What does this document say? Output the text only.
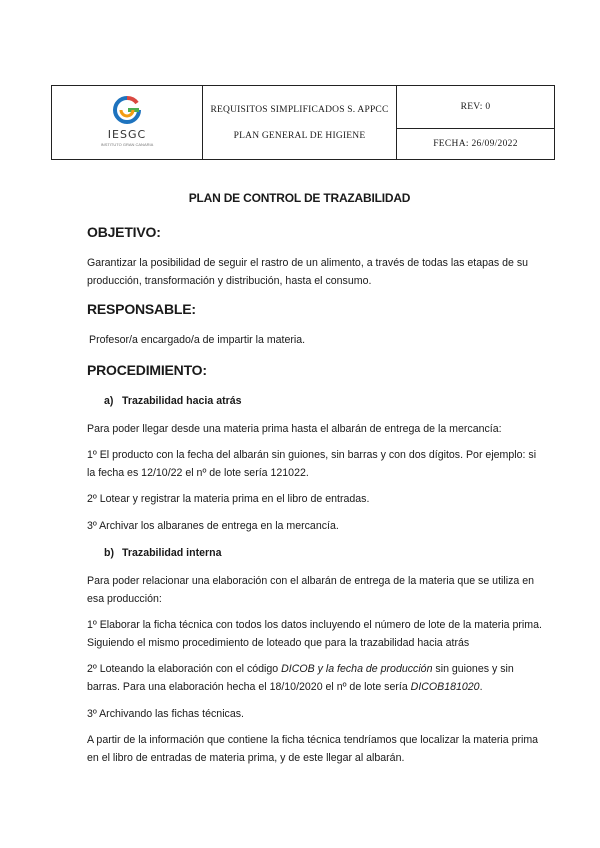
IESGC
INSTITUTO GRAN CANARIA

REQUISITOS SIMPLIFICADOS S. APPCC
PLAN GENERAL DE HIGIENE
	REV: 0
FECHA: 26/09/2022
PLAN DE CONTROL DE TRAZABILIDAD
OBJETIVO:

Garantizar la posibilidad de seguir el rastro de un alimento, a través de todas las etapas de su producción, transformación y distribución, hasta el consumo.

RESPONSABLE:

Profesor/a encargado/a de impartir la materia.

PROCEDIMIENTO:
a) Trazabilidad hacia atrás

Para poder llegar desde una materia prima hasta el albarán de entrega de la mercancía:

1º El producto con la fecha del albarán sin guiones, sin barras y con dos dígitos. Por ejemplo: si la fecha es 12/10/22 el nº de lote sería 121022.

2º Lotear y registrar la materia prima en el libro de entradas.

3º Archivar los albaranes de entrega en la mercancía.

b) Trazabilidad interna

Para poder relacionar una elaboración con el albarán de entrega de la materia que se utiliza en esa producción:

1º Elaborar la ficha técnica con todos los datos incluyendo el número de lote de la materia prima. Siguiendo el mismo procedimiento de loteado que para la trazabilidad hacia atrás

2º Loteando la elaboración con el código DICOB y la fecha de producción sin guiones y sin barras. Para una elaboración hecha el 18/10/2020 el nº de lote sería DICOB181020.

3º Archivando las fichas técnicas.

A partir de la información que contiene la ficha técnica tendríamos que localizar la materia prima en el libro de entradas de materia prima, y de este llegar al albarán.
